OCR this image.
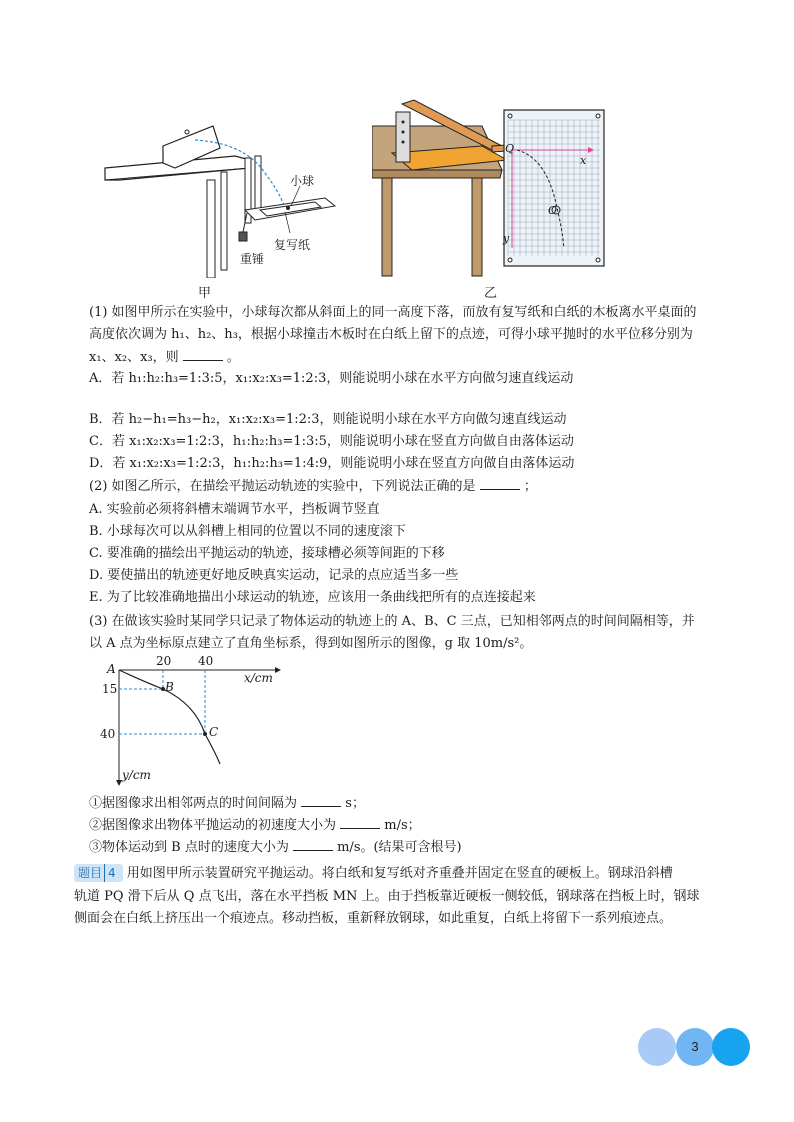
小球
复写纸
重锤
甲
Q
O
x
y
乙
(1) 如图甲所示在实验中，小球每次都从斜面上的同一高度下落，而放有复写纸和白纸的木板离水平桌面的
高度依次调为 h₁、h₂、h₃，根据小球撞击木板时在白纸上留下的点迹，可得小球平抛时的水平位移分别为
x₁、x₂、x₃，则	。
A．若 h₁:h₂:h₃=1:3:5，x₁:x₂:x₃=1:2:3，则能说明小球在水平方向做匀速直线运动
B．若 h₂−h₁=h₃−h₂，x₁:x₂:x₃=1:2:3，则能说明小球在水平方向做匀速直线运动
C．若 x₁:x₂:x₃=1:2:3，h₁:h₂:h₃=1:3:5，则能说明小球在竖直方向做自由落体运动
D．若 x₁:x₂:x₃=1:2:3，h₁:h₂:h₃=1:4:9，则能说明小球在竖直方向做自由落体运动
(2) 如图乙所示，在描绘平抛运动轨迹的实验中，下列说法正确的是	；
A. 实验前必须将斜槽末端调节水平，挡板调节竖直
B. 小球每次可以从斜槽上相同的位置以不同的速度滚下
C. 要准确的描绘出平抛运动的轨迹，接球槽必须等间距的下移
D. 要使描出的轨迹更好地反映真实运动，记录的点应适当多一些
E. 为了比较准确地描出小球运动的轨迹，应该用一条曲线把所有的点连接起来
(3) 在做该实验时某同学只记录了物体运动的轨迹上的 A、B、C 三点，已知相邻两点的时间间隔相等，并
以 A 点为坐标原点建立了直角坐标系，得到如图所示的图像，g 取 10m/s²。
A
B
C
20 40
15
40
x/cm
y/cm
①据图像求出相邻两点的时间间隔为	s；
②据图像求出物体平抛运动的初速度大小为	m/s；
③物体运动到 B 点时的速度大小为	m/s。(结果可含根号)
题目 4 用如图甲所示装置研究平抛运动。将白纸和复写纸对齐重叠并固定在竖直的硬板上。钢球沿斜槽
轨道 PQ 滑下后从 Q 点飞出，落在水平挡板 MN 上。由于挡板靠近硬板一侧较低，钢球落在挡板上时，钢球
侧面会在白纸上挤压出一个痕迹点。移动挡板，重新释放钢球，如此重复，白纸上将留下一系列痕迹点。
3
